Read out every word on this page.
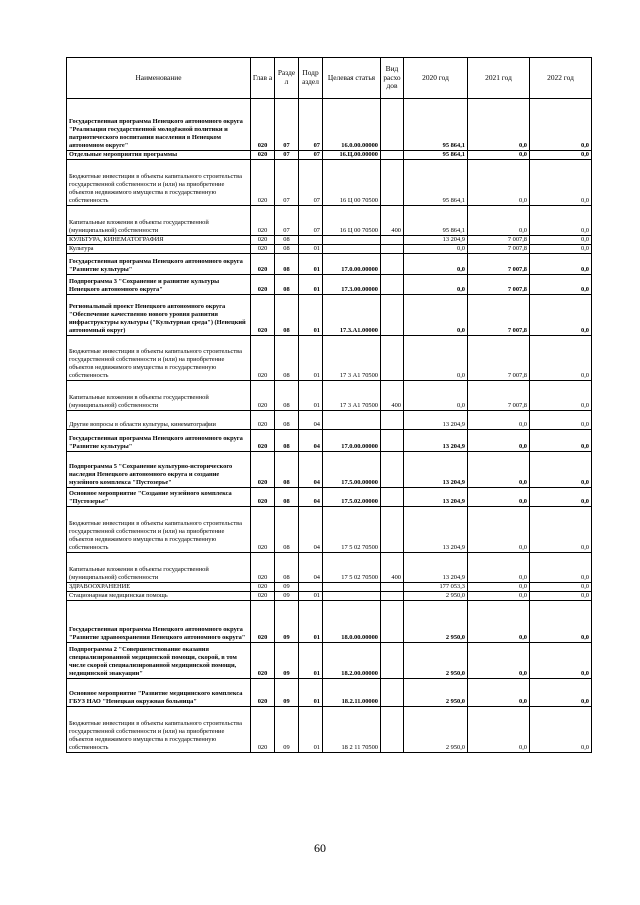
Наименование	Глав а	Разде л	Подр аздел	Целевая статья	Вид расхо дов	2020 год	2021 год	2022 год
Государственная программа Ненецкого автономного округа "Реализация государственной молодёжной политики и патриотического воспитания населения в Ненецком автономном округе"	020	07	07	16.0.00.00000		95 864,1	0,0	0,0
Отдельные мероприятия программы	020	07	07	16.Ц.00.00000		95 864,1	0,0	0,0
Бюджетные инвестиции в объекты капитального строительства государственной собственности и (или) на приобретение объектов недвижимого имущества в государственную собственность	020	07	07	16 Ц 00 70500		95 864,1	0,0	0,0
Капитальные вложения в объекты государственной (муниципальной) собственности	020	07	07	16 Ц 00 70500	400	95 864,1	0,0	0,0
КУЛЬТУРА, КИНЕМАТОГРАФИЯ	020	08				13 204,9	7 007,8	0,0
Культура	020	08	01			0,0	7 007,8	0,0
Государственная программа Ненецкого автономного округа "Развитие культуры"	020	08	01	17.0.00.00000		0,0	7 007,8	0,0
Подпрограмма 3 "Сохранение и развитие культуры Ненецкого автономного округа"	020	08	01	17.3.00.00000		0,0	7 007,8	0,0
Региональный проект Ненецкого автономного округа "Обеспечение качественно нового уровня развития инфраструктуры культуры ("Культурная среда") (Ненецкий автономный округ)	020	08	01	17.3.А1.00000		0,0	7 007,8	0,0
Бюджетные инвестиции в объекты капитального строительства государственной собственности и (или) на приобретение объектов недвижимого имущества в государственную собственность	020	08	01	17 3 А1 70500		0,0	7 007,8	0,0
Капитальные вложения в объекты государственной (муниципальной) собственности	020	08	01	17 3 А1 70500	400	0,0	7 007,8	0,0
Другие вопросы в области культуры, кинематографии	020	08	04			13 204,9	0,0	0,0
Государственная программа Ненецкого автономного округа "Развитие культуры"	020	08	04	17.0.00.00000		13 204,9	0,0	0,0
Подпрограмма 5 "Сохранение культурно-исторического наследия Ненецкого автономного округа и создание музейного комплекса "Пустозерье"	020	08	04	17.5.00.00000		13 204,9	0,0	0,0
Основное мероприятие "Создание музейного комплекса "Пустозерье"	020	08	04	17.5.02.00000		13 204,9	0,0	0,0
Бюджетные инвестиции в объекты капитального строительства государственной собственности и (или) на приобретение объектов недвижимого имущества в государственную собственность	020	08	04	17 5 02 70500		13 204,9	0,0	0,0
Капитальные вложения в объекты государственной (муниципальной) собственности	020	08	04	17 5 02 70500	400	13 204,9	0,0	0,0
ЗДРАВООХРАНЕНИЕ	020	09				177 053,3	0,0	0,0
Стационарная медицинская помощь	020	09	01			2 950,0	0,0	0,0
Государственная программа Ненецкого автономного округа "Развитие здравоохранения Ненецкого автономного округа"	020	09	01	18.0.00.00000		2 950,0	0,0	0,0
Подпрограмма 2 "Совершенствование оказания специализированной медицинской помощи, скорой, в том числе скорой специализированной медицинской помощи, медицинской эвакуации"	020	09	01	18.2.00.00000		2 950,0	0,0	0,0
Основное мероприятие "Развитие медицинского комплекса ГБУЗ НАО "Ненецкая окружная больница"	020	09	01	18.2.11.00000		2 950,0	0,0	0,0
Бюджетные инвестиции в объекты капитального строительства государственной собственности и (или) на приобретение объектов недвижимого имущества в государственную собственность	020	09	01	18 2 11 70500		2 950,0	0,0	0,0
60
